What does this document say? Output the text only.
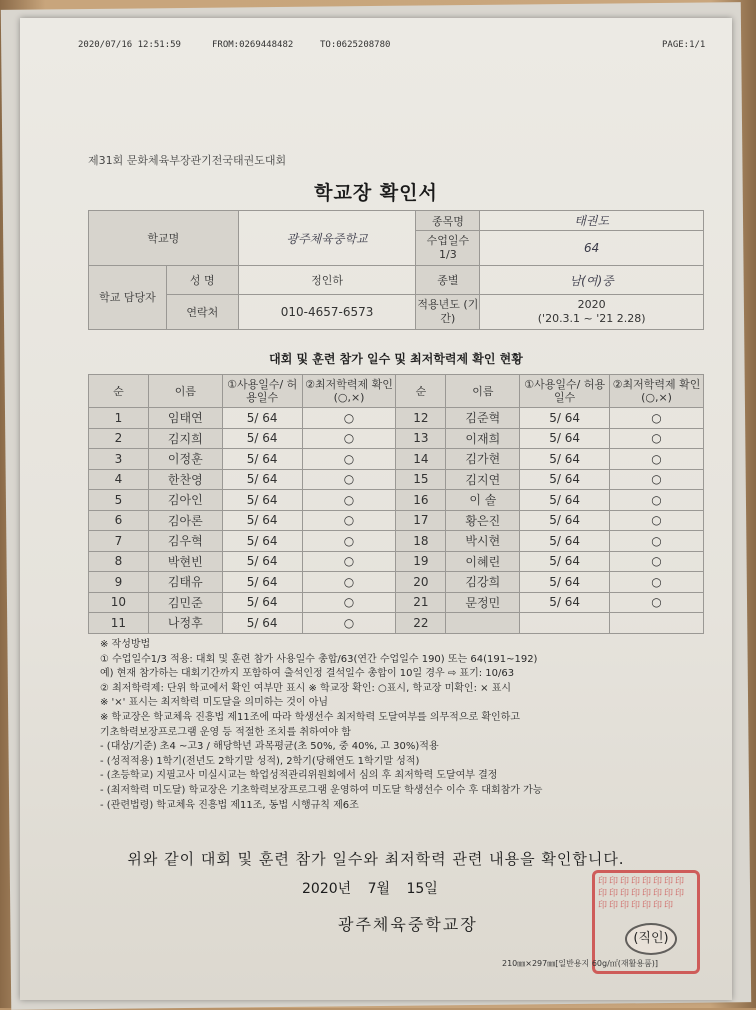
2020/07/16 12:51:59	FROM:0269448482	TO:0625208780	PAGE:1/1
제31회 문화체육부장관기전국태권도대회
학교장 확인서
학교명		광주체육중학교	종목명	태권도
			수업일수 1/3	64
학교 담당자	성 명	정인하	종별	남(여)중
	연락처	010-4657-6573	적용년도 (기간)	2020
('20.3.1 ~ '21 2.28)
대회 및 훈련 참가 일수 및 최저학력제 확인 현황
순	이름	①사용일수/ 허용일수	②최저학력제 확인(○,×)	순	이름	①사용일수/ 허용일수	②최저학력제 확인(○,×)
1	임태연	5/ 64	○	12	김준혁	5/ 64	○
2	김지희	5/ 64	○	13	이재희	5/ 64	○
3	이정훈	5/ 64	○	14	김가현	5/ 64	○
4	한찬영	5/ 64	○	15	김지연	5/ 64	○
5	김아인	5/ 64	○	16	이 솔	5/ 64	○
6	김아론	5/ 64	○	17	황은진	5/ 64	○
7	김우혁	5/ 64	○	18	박시현	5/ 64	○
8	박현빈	5/ 64	○	19	이혜린	5/ 64	○
9	김태유	5/ 64	○	20	김강희	5/ 64	○
10	김민준	5/ 64	○	21	문정민	5/ 64	○
11	나정후	5/ 64	○	22			
※ 작성방법
① 수업일수1/3 적용: 대회 및 훈련 참가 사용일수 총합/63(연간 수업일수 190) 또는 64(191~192)
예) 현재 참가하는 대회기간까지 포함하여 출석인정 결석일수 총합이 10일 경우 ⇨ 표기: 10/63
② 최저학력제: 단위 학교에서 확인 여부만 표시 ※ 학교장 확인: ○표시, 학교장 미확인: × 표시
※ '×' 표시는 최저학력 미도달을 의미하는 것이 아님
※ 학교장은 학교체육 진흥법 제11조에 따라 학생선수 최저학력 도달여부를 의무적으로 확인하고
기초학력보장프로그램 운영 등 적절한 조치를 취하여야 함
- (대상/기준) 초4 ~고3 / 해당학년 과목평균(초 50%, 중 40%, 고 30%)적용
- (성적적용) 1학기(전년도 2학기말 성적), 2학기(당해연도 1학기말 성적)
- (초등학교) 지필고사 미실시교는 학업성적관리위원회에서 심의 후 최저학력 도달여부 결정
- (최저학력 미도달) 학교장은 기초학력보장프로그램 운영하여 미도달 학생선수 이수 후 대회참가 가능
- (관련법령) 학교체육 진흥법 제11조, 동법 시행규칙 제6조
위와 같이 대회 및 훈련 참가 일수와 최저학력 관련 내용을 확인합니다.
2020년 7월 15일
광주체육중학교장
印印印印印印印印印印印印印印印印印印印印印印印
(직인)
210㎜×297㎜[일반용지 60g/㎡(재활용품)]
